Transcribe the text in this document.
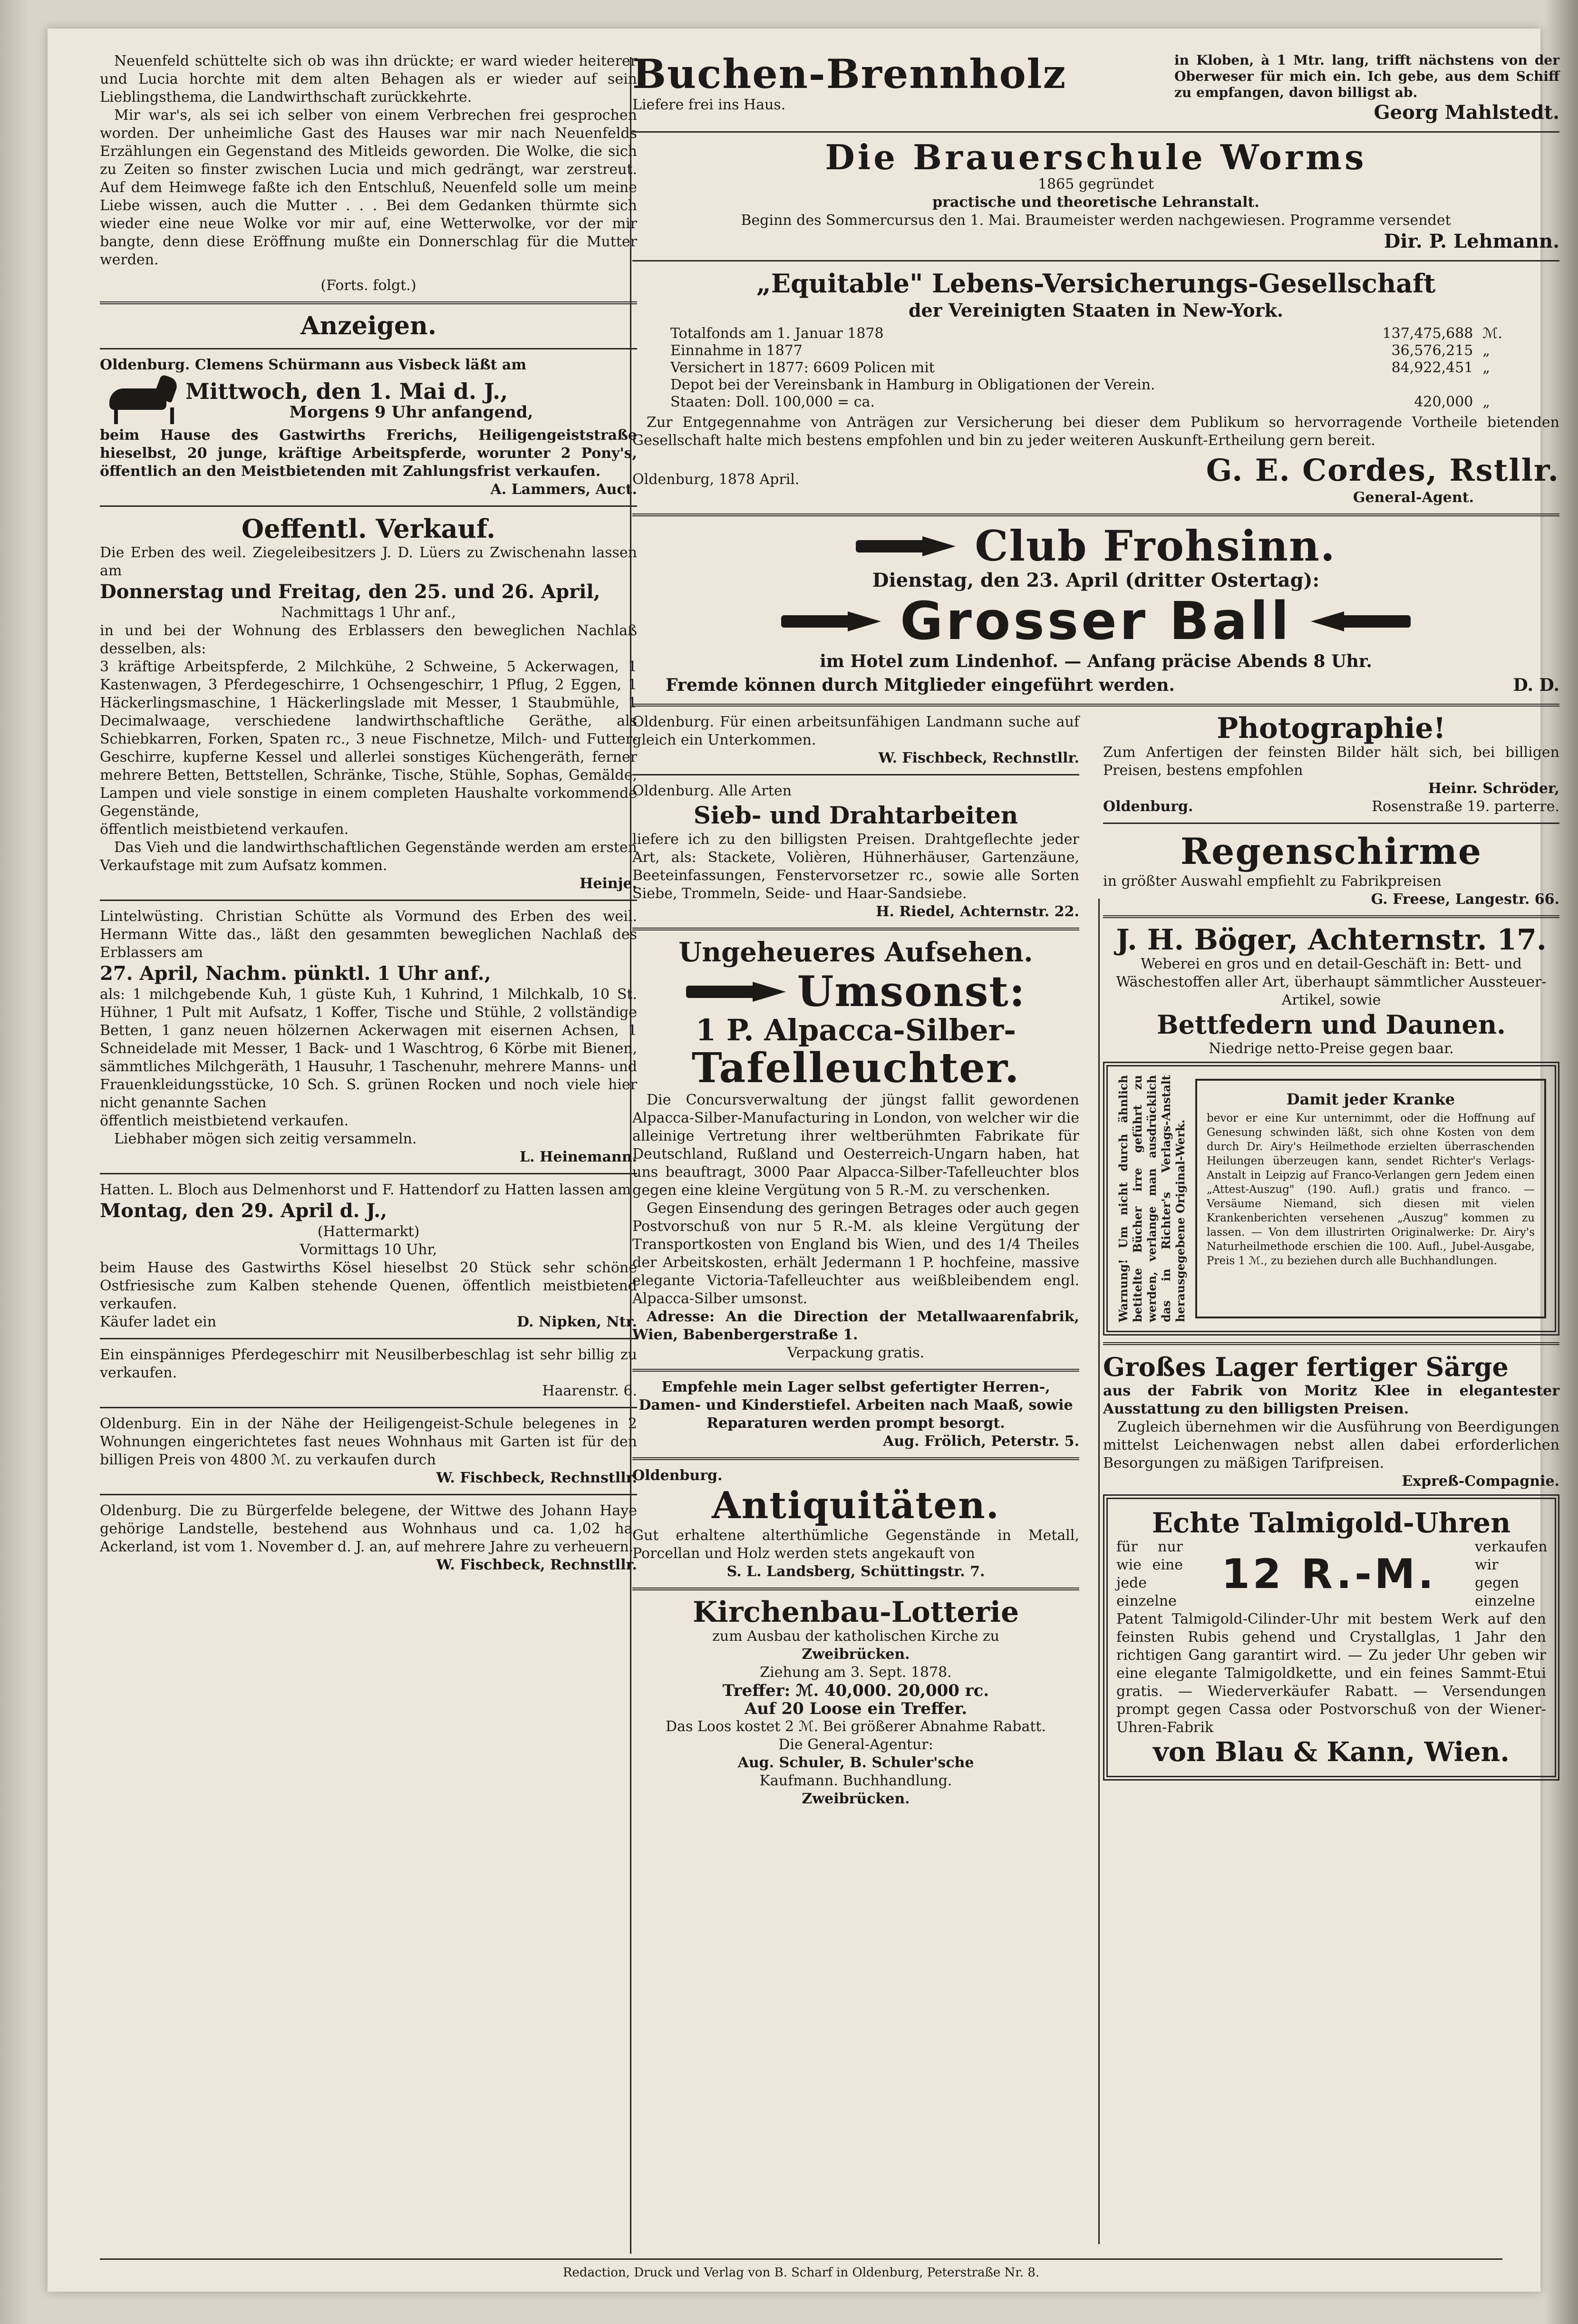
Neuenfeld schüttelte sich ob was ihn drückte; er ward wieder heiterer und Lucia horchte mit dem alten Behagen als er wieder auf sein Lieblingsthema, die Landwirthschaft zurückkehrte.

Mir war's, als sei ich selber von einem Verbrechen frei gesprochen worden. Der unheimliche Gast des Hauses war mir nach Neuenfelds Erzählungen ein Gegenstand des Mitleids geworden. Die Wolke, die sich zu Zeiten so finster zwischen Lucia und mich gedrängt, war zerstreut. Auf dem Heimwege faßte ich den Entschluß, Neuenfeld solle um meine Liebe wissen, auch die Mutter . . . Bei dem Gedanken thürmte sich wieder eine neue Wolke vor mir auf, eine Wetterwolke, vor der mir bangte, denn diese Eröffnung mußte ein Donnerschlag für die Mutter werden.

(Forts. folgt.)

Anzeigen.

Oldenburg. Clemens Schürmann aus Visbeck läßt am

Mittwoch, den 1. Mai d. J.,

Morgens 9 Uhr anfangend,

beim Hause des Gastwirths Frerichs, Heiligengeiststraße hieselbst, 20 junge, kräftige Arbeitspferde, worunter 2 Pony's, öffentlich an den Meistbietenden mit Zahlungsfrist verkaufen.

A. Lammers, Auct.

Oeffentl. Verkauf.

Die Erben des weil. Ziegeleibesitzers J. D. Lüers zu Zwischenahn lassen am

Donnerstag und Freitag, den 25. und 26. April,

Nachmittags 1 Uhr anf.,

in und bei der Wohnung des Erblassers den beweglichen Nachlaß desselben, als:

3 kräftige Arbeitspferde, 2 Milchkühe, 2 Schweine, 5 Ackerwagen, 1 Kastenwagen, 3 Pferdegeschirre, 1 Ochsengeschirr, 1 Pflug, 2 Eggen, 1 Häckerlingsmaschine, 1 Häckerlingslade mit Messer, 1 Staubmühle, 1 Decimalwaage, verschiedene landwirthschaftliche Geräthe, als Schiebkarren, Forken, Spaten rc., 3 neue Fischnetze, Milch- und Futter-Geschirre, kupferne Kessel und allerlei sonstiges Küchengeräth, ferner mehrere Betten, Bettstellen, Schränke, Tische, Stühle, Sophas, Gemälde, Lampen und viele sonstige in einem completen Haushalte vorkommende Gegenstände,

öffentlich meistbietend verkaufen.

Das Vieh und die landwirthschaftlichen Gegenstände werden am ersten Verkaufstage mit zum Aufsatz kommen.

Heinje.

Lintelwüsting. Christian Schütte als Vormund des Erben des weil. Hermann Witte das., läßt den gesammten beweglichen Nachlaß des Erblassers am

27. April, Nachm. pünktl. 1 Uhr anf.,

als: 1 milchgebende Kuh, 1 güste Kuh, 1 Kuhrind, 1 Milchkalb, 10 St. Hühner, 1 Pult mit Aufsatz, 1 Koffer, Tische und Stühle, 2 vollständige Betten, 1 ganz neuen hölzernen Ackerwagen mit eisernen Achsen, 1 Schneidelade mit Messer, 1 Back- und 1 Waschtrog, 6 Körbe mit Bienen, sämmtliches Milchgeräth, 1 Hausuhr, 1 Taschenuhr, mehrere Manns- und Frauenkleidungsstücke, 10 Sch. S. grünen Rocken und noch viele hier nicht genannte Sachen

öffentlich meistbietend verkaufen.

Liebhaber mögen sich zeitig versammeln.

L. Heinemann.

Hatten. L. Bloch aus Delmenhorst und F. Hattendorf zu Hatten lassen am

Montag, den 29. April d. J.,

(Hattermarkt)

Vormittags 10 Uhr,

beim Hause des Gastwirths Kösel hieselbst 20 Stück sehr schöne Ostfriesische zum Kalben stehende Quenen, öffentlich meistbietend verkaufen.

Käufer ladet ein	D. Nipken, Ntr.

Ein einspänniges Pferdegeschirr mit Neusilberbeschlag ist sehr billig zu verkaufen.

Haarenstr. 6.

Oldenburg. Ein in der Nähe der Heiligengeist-Schule belegenes in 2 Wohnungen eingerichtetes fast neues Wohnhaus mit Garten ist für den billigen Preis von 4800 ℳ. zu verkaufen durch

W. Fischbeck, Rechnstllr.

Oldenburg. Die zu Bürgerfelde belegene, der Wittwe des Johann Haye gehörige Landstelle, bestehend aus Wohnhaus und ca. 1,02 ha. Ackerland, ist vom 1. November d. J. an, auf mehrere Jahre zu verheuern.

W. Fischbeck, Rechnstllr.

Buchen-Brennholz

Liefere frei ins Haus.

in Kloben, à 1 Mtr. lang, trifft nächstens von der Oberweser für mich ein. Ich gebe, aus dem Schiff zu empfangen, davon billigst ab.

Georg Mahlstedt.

Die Brauerschule Worms

1865 gegründet

practische und theoretische Lehranstalt.

Beginn des Sommercursus den 1. Mai. Braumeister werden nachgewiesen. Programme versendet

Dir. P. Lehmann.

„Equitable" Lebens-Versicherungs-Gesellschaft

der Vereinigten Staaten in New-York.

Totalfonds am 1. Januar 1878	137,475,688 ℳ.
Einnahme in 1877	36,576,215 „
Versichert in 1877: 6609 Policen mit	84,922,451 „
Depot bei der Vereinsbank in Hamburg in Obligationen der Verein.
Staaten: Doll. 100,000 = ca.	420,000 „

Zur Entgegennahme von Anträgen zur Versicherung bei dieser dem Publikum so hervorragende Vortheile bietenden Gesellschaft halte mich bestens empfohlen und bin zu jeder weiteren Auskunft-Ertheilung gern bereit.

Oldenburg, 1878 April.	G. E. Cordes, Rstllr.

General-Agent.

Club Frohsinn.

Dienstag, den 23. April (dritter Ostertag):

Grosser Ball

im Hotel zum Lindenhof. — Anfang präcise Abends 8 Uhr.

Fremde können durch Mitglieder eingeführt werden.	D. D.

Oldenburg. Für einen arbeitsunfähigen Landmann suche auf gleich ein Unterkommen.

W. Fischbeck, Rechnstllr.

Oldenburg. Alle Arten

Sieb- und Drahtarbeiten

liefere ich zu den billigsten Preisen. Drahtgeflechte jeder Art, als: Stackete, Volièren, Hühnerhäuser, Gartenzäune, Beeteinfassungen, Fenstervorsetzer rc., sowie alle Sorten Siebe, Trommeln, Seide- und Haar-Sandsiebe.

H. Riedel, Achternstr. 22.

Ungeheueres Aufsehen.

Umsonst:

1 P. Alpacca-Silber-

Tafelleuchter.

Die Concursverwaltung der jüngst fallit gewordenen Alpacca-Silber-Manufacturing in London, von welcher wir die alleinige Vertretung ihrer weltberühmten Fabrikate für Deutschland, Rußland und Oesterreich-Ungarn haben, hat uns beauftragt, 3000 Paar Alpacca-Silber-Tafelleuchter blos gegen eine kleine Vergütung von 5 R.-M. zu verschenken.

Gegen Einsendung des geringen Betrages oder auch gegen Postvorschuß von nur 5 R.-M. als kleine Vergütung der Transportkosten von England bis Wien, und des 1/4 Theiles der Arbeitskosten, erhält Jedermann 1 P. hochfeine, massive elegante Victoria-Tafelleuchter aus weißbleibendem engl. Alpacca-Silber umsonst.

Adresse: An die Direction der Metallwaarenfabrik, Wien, Babenbergerstraße 1.

Verpackung gratis.

Empfehle mein Lager selbst gefertigter Herren-, Damen- und Kinderstiefel. Arbeiten nach Maaß, sowie Reparaturen werden prompt besorgt.

Aug. Frölich, Peterstr. 5.

Oldenburg.

Antiquitäten.

Gut erhaltene alterthümliche Gegenstände in Metall, Porcellan und Holz werden stets angekauft von

S. L. Landsberg, Schüttingstr. 7.

Kirchenbau-Lotterie

zum Ausbau der katholischen Kirche zu

Zweibrücken.

Ziehung am 3. Sept. 1878.

Treffer: ℳ. 40,000. 20,000 rc.

Auf 20 Loose ein Treffer.

Das Loos kostet 2 ℳ. Bei größerer Abnahme Rabatt.

Die General-Agentur:

Aug. Schuler, B. Schuler'sche

Kaufmann. Buchhandlung.

Zweibrücken.

Photographie!

Zum Anfertigen der feinsten Bilder hält sich, bei billigen Preisen, bestens empfohlen

Heinr. Schröder,

Oldenburg.	Rosenstraße 19. parterre.

Regenschirme

in größter Auswahl empfiehlt zu Fabrikpreisen

G. Freese, Langestr. 66.

J. H. Böger, Achternstr. 17.

Weberei en gros und en detail-Geschäft in: Bett- und Wäschestoffen aller Art, überhaupt sämmtlicher Aussteuer-Artikel, sowie

Bettfedern und Daunen.

Niedrige netto-Preise gegen baar.

Warnung! Um nicht durch ähnlich betitelte Bücher irre geführt zu werden, verlange man ausdrücklich das in Richter's Verlags-Anstalt herausgegebene Original-Werk.

Damit jeder Kranke

bevor er eine Kur unternimmt, oder die Hoffnung auf Genesung schwinden läßt, sich ohne Kosten von dem durch Dr. Airy's Heilmethode erzielten überraschenden Heilungen überzeugen kann, sendet Richter's Verlags-Anstalt in Leipzig auf Franco-Verlangen gern Jedem einen „Attest-Auszug" (190. Aufl.) gratis und franco. — Versäume Niemand, sich diesen mit vielen Krankenberichten versehenen „Auszug" kommen zu lassen. — Von dem illustrirten Originalwerke: Dr. Airy's Naturheilmethode erschien die 100. Aufl., Jubel-Ausgabe, Preis 1 ℳ., zu beziehen durch alle Buchhandlungen.

Großes Lager fertiger Särge

aus der Fabrik von Moritz Klee in elegantester Ausstattung zu den billigsten Preisen.

Zugleich übernehmen wir die Ausführung von Beerdigungen mittelst Leichenwagen nebst allen dabei erforderlichen Besorgungen zu mäßigen Tarifpreisen.

Expreß-Compagnie.

Echte Talmigold-Uhren

für nur wie eine jede einzelne

12 R.-M.

verkaufen wir gegen einzelne

Patent Talmigold-Cilinder-Uhr mit bestem Werk auf den feinsten Rubis gehend und Crystallglas, 1 Jahr den richtigen Gang garantirt wird. — Zu jeder Uhr geben wir eine elegante Talmigoldkette, und ein feines Sammt-Etui gratis. — Wiederverkäufer Rabatt. — Versendungen prompt gegen Cassa oder Postvorschuß von der Wiener-Uhren-Fabrik

von Blau & Kann, Wien.

Redaction, Druck und Verlag von B. Scharf in Oldenburg, Peterstraße Nr. 8.
